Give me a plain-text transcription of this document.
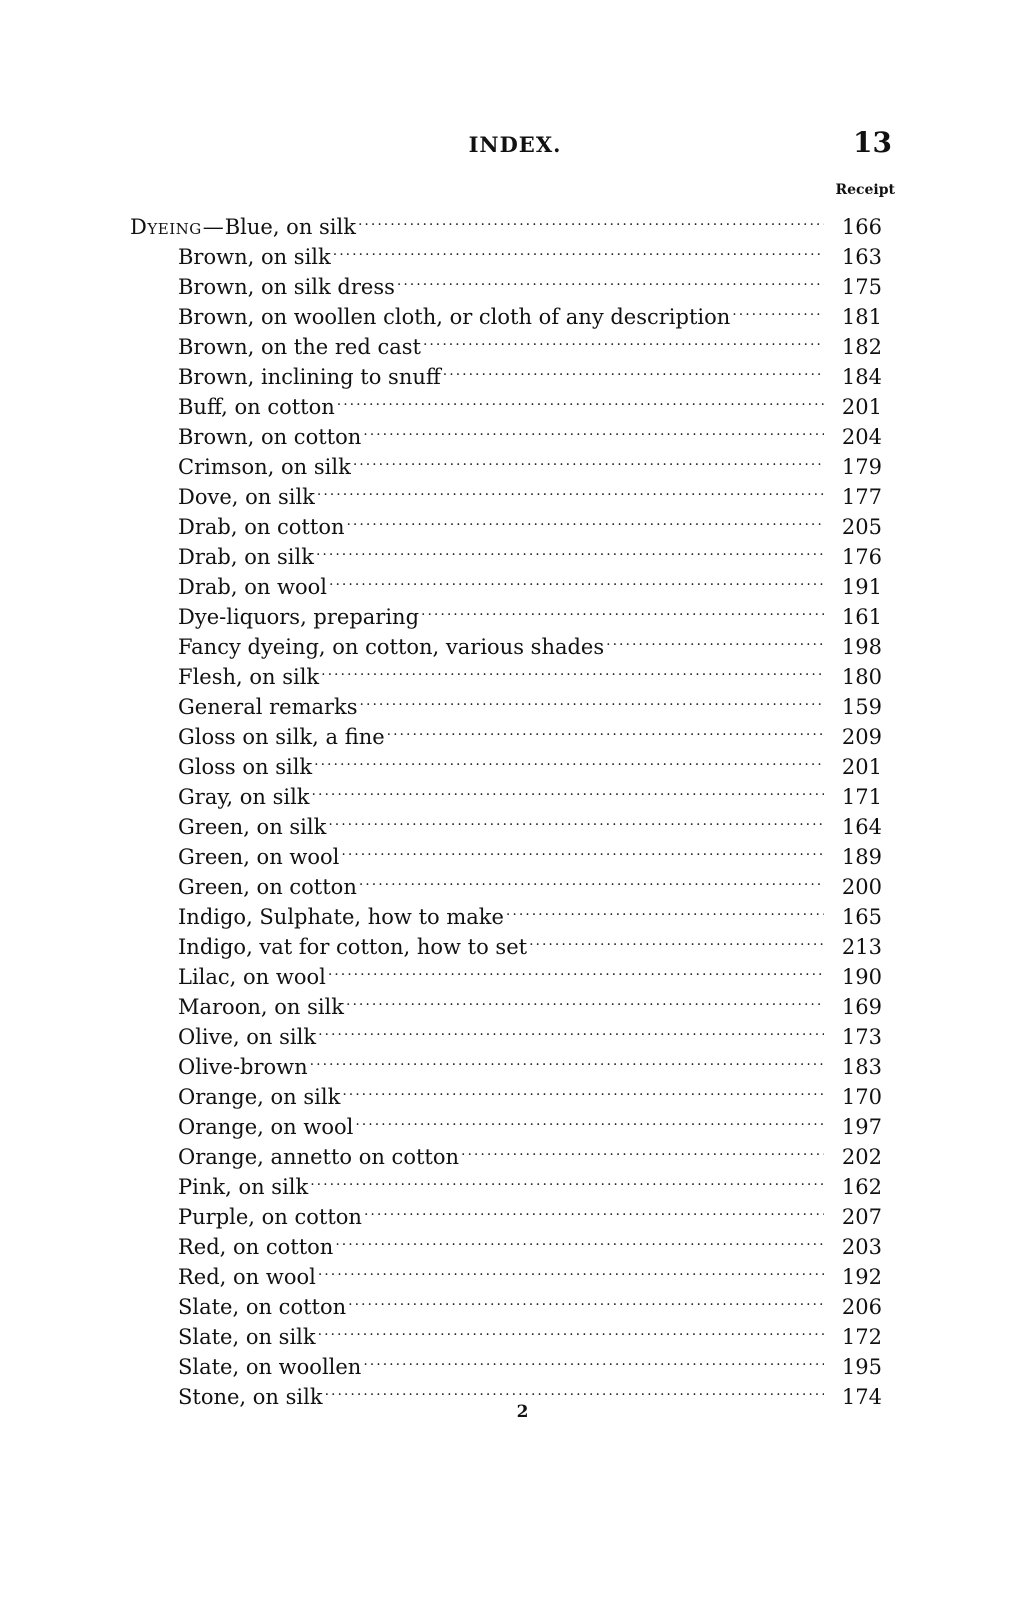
INDEX.	13
Receipt
Dyeing — Blue, on silk .....	166
Brown, on silk .....	163
Brown, on silk dress .....	175
Brown, on woollen cloth, or cloth of any description .....	181
Brown, on the red cast .....	182
Brown, inclining to snuff .....	184
Buff, on cotton .....	201
Brown, on cotton .....	204
Crimson, on silk .....	179
Dove, on silk .....	177
Drab, on cotton .....	205
Drab, on silk .....	176
Drab, on wool .....	191
Dye-liquors, preparing .....	161
Fancy dyeing, on cotton, various shades .....	198
Flesh, on silk .....	180
General remarks .....	159
Gloss on silk, a fine .....	209
Gloss on silk .....	201
Gray, on silk .....	171
Green, on silk .....	164
Green, on wool .....	189
Green, on cotton .....	200
Indigo, Sulphate, how to make .....	165
Indigo, vat for cotton, how to set .....	213
Lilac, on wool .....	190
Maroon, on silk .....	169
Olive, on silk .....	173
Olive-brown .....	183
Orange, on silk .....	170
Orange, on wool .....	197
Orange, annetto on cotton .....	202
Pink, on silk .....	162
Purple, on cotton .....	207
Red, on cotton .....	203
Red, on wool .....	192
Slate, on cotton .....	206
Slate, on silk .....	172
Slate, on woollen .....	195
Stone, on silk .....	174
2
